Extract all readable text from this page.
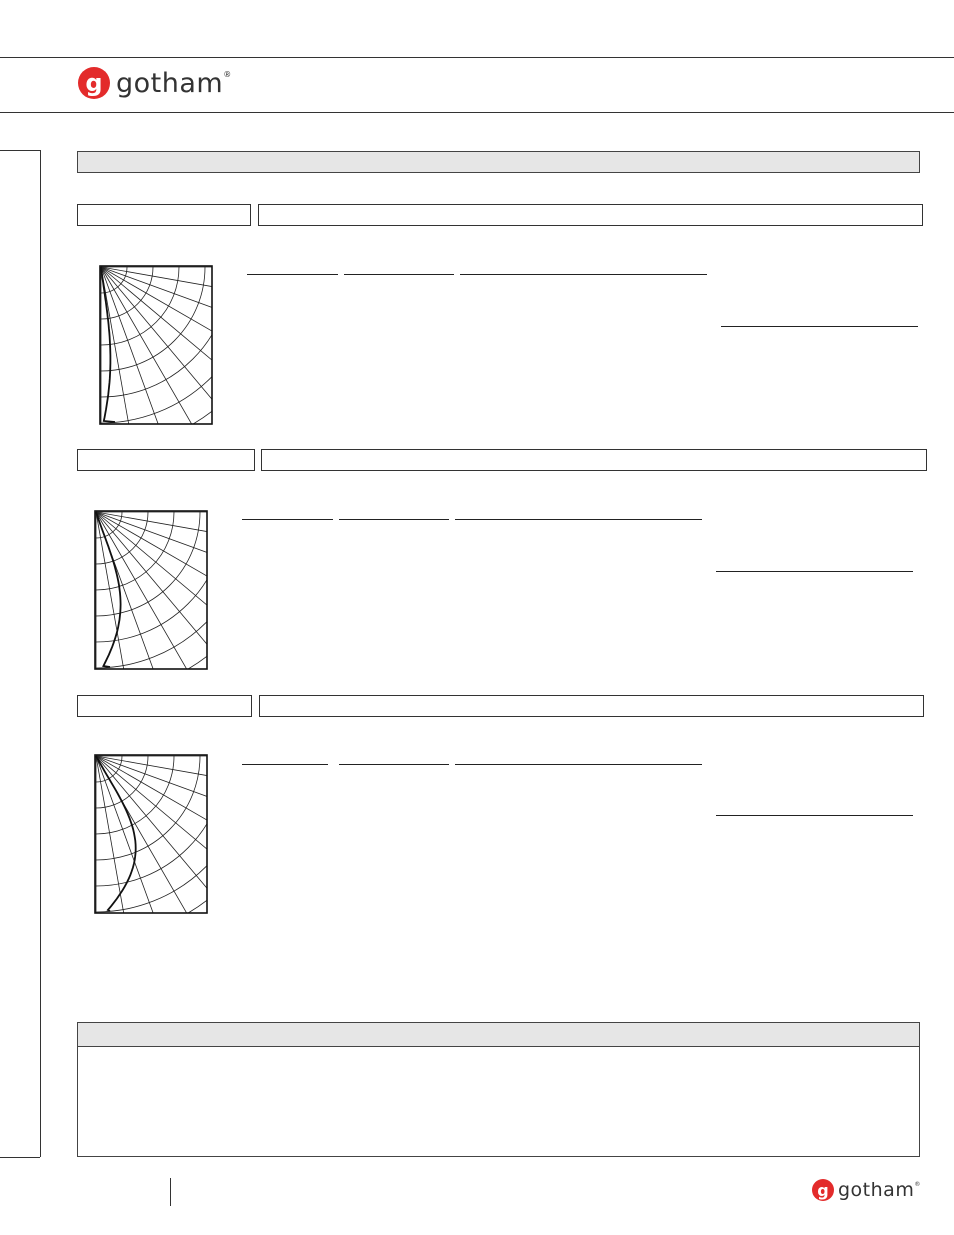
g gotham ®
g gotham ®
